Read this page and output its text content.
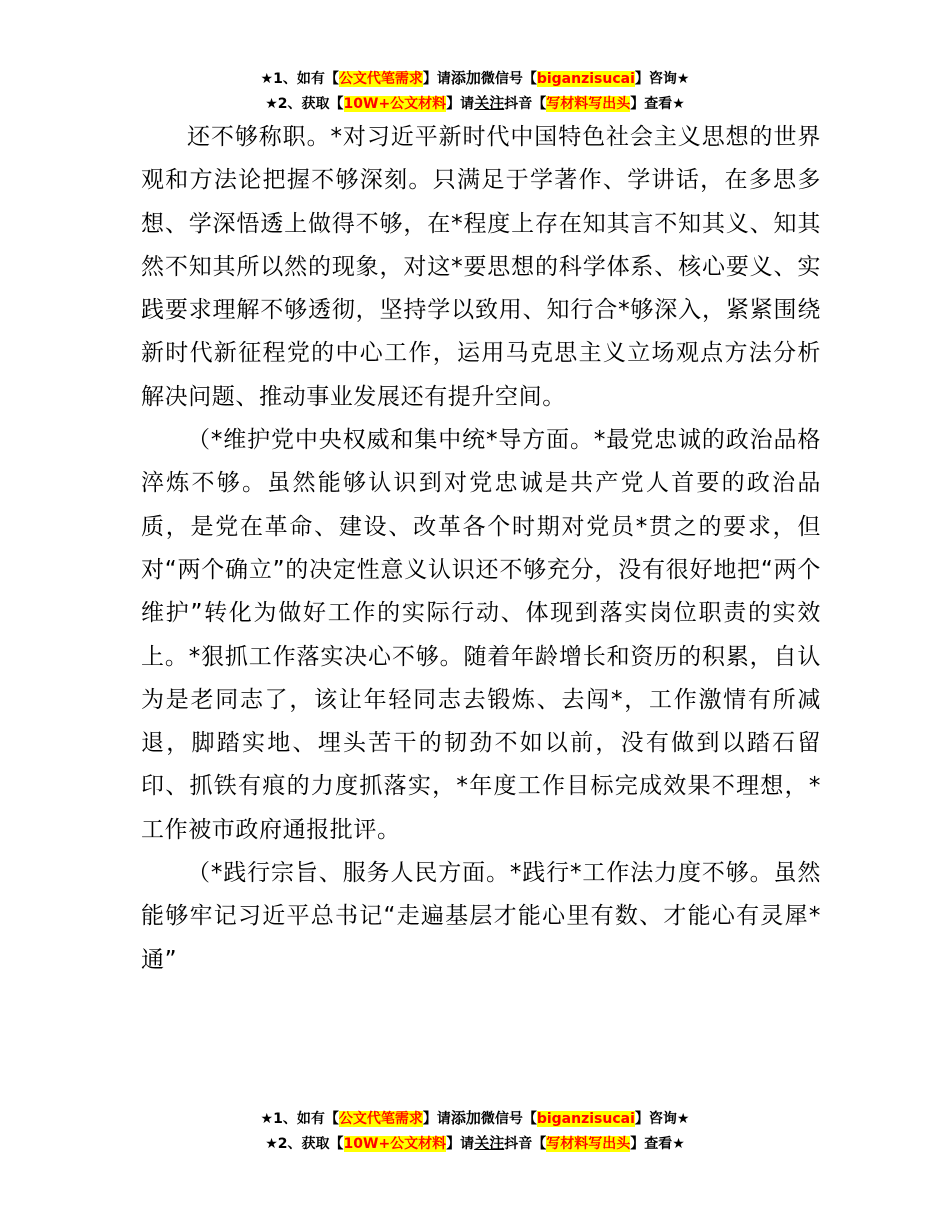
★1、如有【公文代笔需求】请添加微信号【biganzisucai】咨询★
★2、获取【10W+公文材料】请关注抖音【写材料写出头】查看★

还不够称职。*对习近平新时代中国特色社会主义思想的世界观和方法论把握不够深刻。只满足于学著作、学讲话，在多思多想、学深悟透上做得不够，在*程度上存在知其言不知其义、知其然不知其所以然的现象，对这*要思想的科学体系、核心要义、实践要求理解不够透彻，坚持学以致用、知行合*够深入，紧紧围绕新时代新征程党的中心工作，运用马克思主义立场观点方法分析解决问题、推动事业发展还有提升空间。

（*维护党中央权威和集中统*导方面。*最党忠诚的政治品格淬炼不够。虽然能够认识到对党忠诚是共产党人首要的政治品质，是党在革命、建设、改革各个时期对党员*贯之的要求，但对“两个确立”的决定性意义认识还不够充分，没有很好地把“两个维护”转化为做好工作的实际行动、体现到落实岗位职责的实效上。*狠抓工作落实决心不够。随着年龄增长和资历的积累，自认为是老同志了，该让年轻同志去锻炼、去闯*，工作激情有所减退，脚踏实地、埋头苦干的韧劲不如以前，没有做到以踏石留印、抓铁有痕的力度抓落实，*年度工作目标完成效果不理想，*工作被市政府通报批评。

（*践行宗旨、服务人民方面。*践行*工作法力度不够。虽然能够牢记习近平总书记“走遍基层才能心里有数、才能心有灵犀*通”

★1、如有【公文代笔需求】请添加微信号【biganzisucai】咨询★
★2、获取【10W+公文材料】请关注抖音【写材料写出头】查看★
